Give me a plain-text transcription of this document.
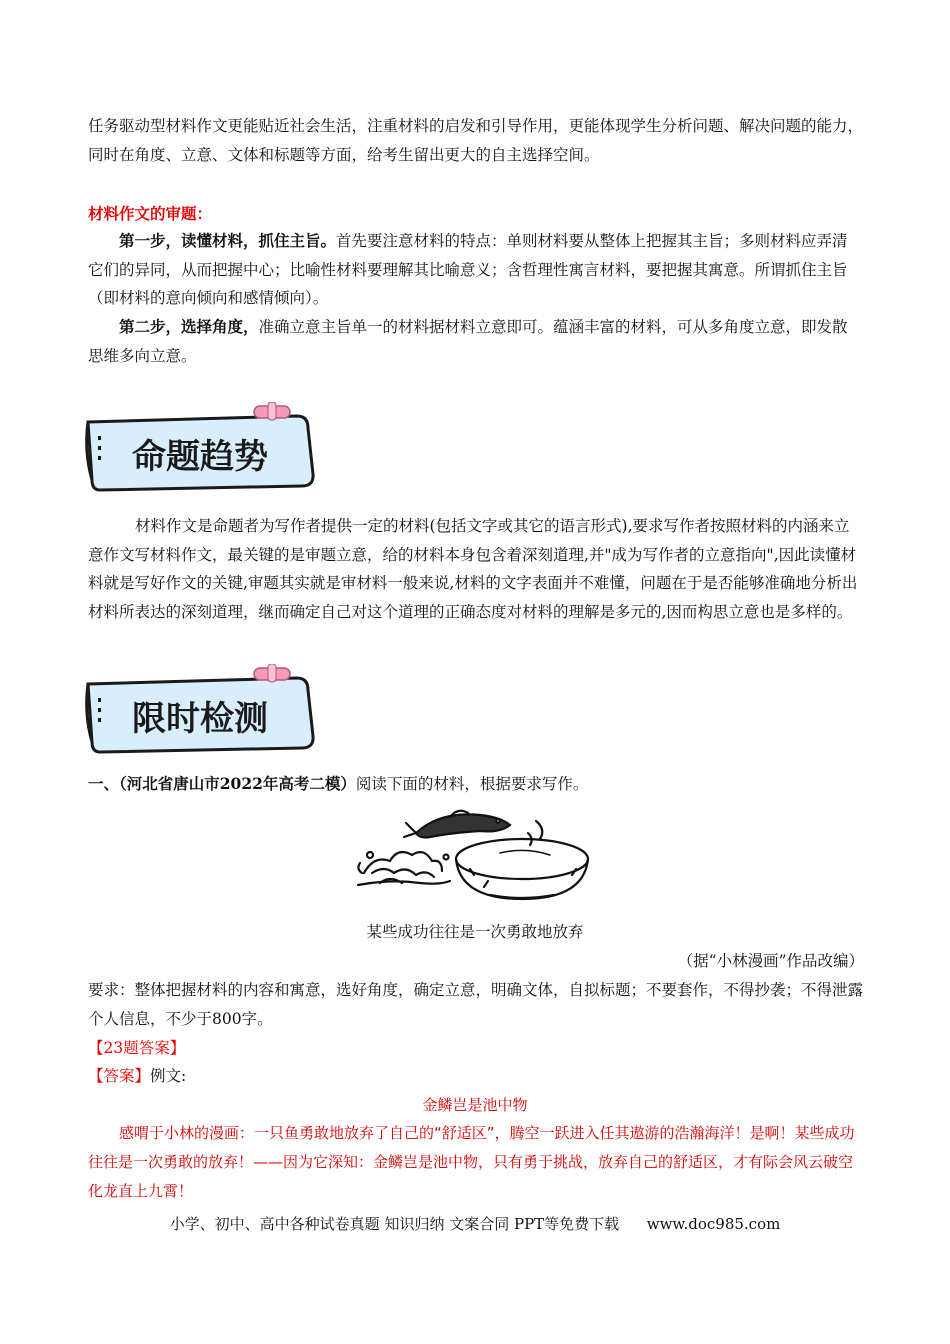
任务驱动型材料作文更能贴近社会生活，注重材料的启发和引导作用，更能体现学生分析问题、解决问题的能力，同时在角度、立意、文体和标题等方面，给考生留出更大的自主选择空间。

材料作文的审题：

第一步，读懂材料，抓住主旨。首先要注意材料的特点：单则材料要从整体上把握其主旨；多则材料应弄清它们的异同，从而把握中心；比喻性材料要理解其比喻意义；含哲理性寓言材料，要把握其寓意。所谓抓住主旨（即材料的意向倾向和感情倾向）。

第二步，选择角度，准确立意主旨单一的材料据材料立意即可。蕴涵丰富的材料，可从多角度立意，即发散思维多向立意。

命题趋势

材料作文是命题者为写作者提供一定的材料(包括文字或其它的语言形式),要求写作者按照材料的内涵来立意作文写材料作文，最关键的是审题立意，给的材料本身包含着深刻道理,并"成为写作者的立意指向",因此读懂材料就是写好作文的关键,审题其实就是审材料一般来说,材料的文字表面并不难懂，问题在于是否能够准确地分析出材料所表达的深刻道理，继而确定自己对这个道理的正确态度对材料的理解是多元的,因而构思立意也是多样的。

限时检测

一、（河北省唐山市2022年高考二模）阅读下面的材料，根据要求写作。

某些成功往往是一次勇敢地放弃
（据“小林漫画”作品改编）

要求：整体把握材料的内容和寓意，选好角度，确定立意，明确文体，自拟标题；不要套作，不得抄袭；不得泄露个人信息，不少于800字。

【23题答案】

【答案】例文:

金鳞岂是池中物

感喟于小林的漫画：一只鱼勇敢地放弃了自己的“舒适区”，腾空一跃进入任其遨游的浩瀚海洋！是啊！某些成功往往是一次勇敢的放弃！——因为它深知：金鳞岂是池中物，只有勇于挑战，放弃自己的舒适区，才有际会风云破空化龙直上九霄！

小学、初中、高中各种试卷真题 知识归纳 文案合同 PPT等免费下载 www.doc985.com
